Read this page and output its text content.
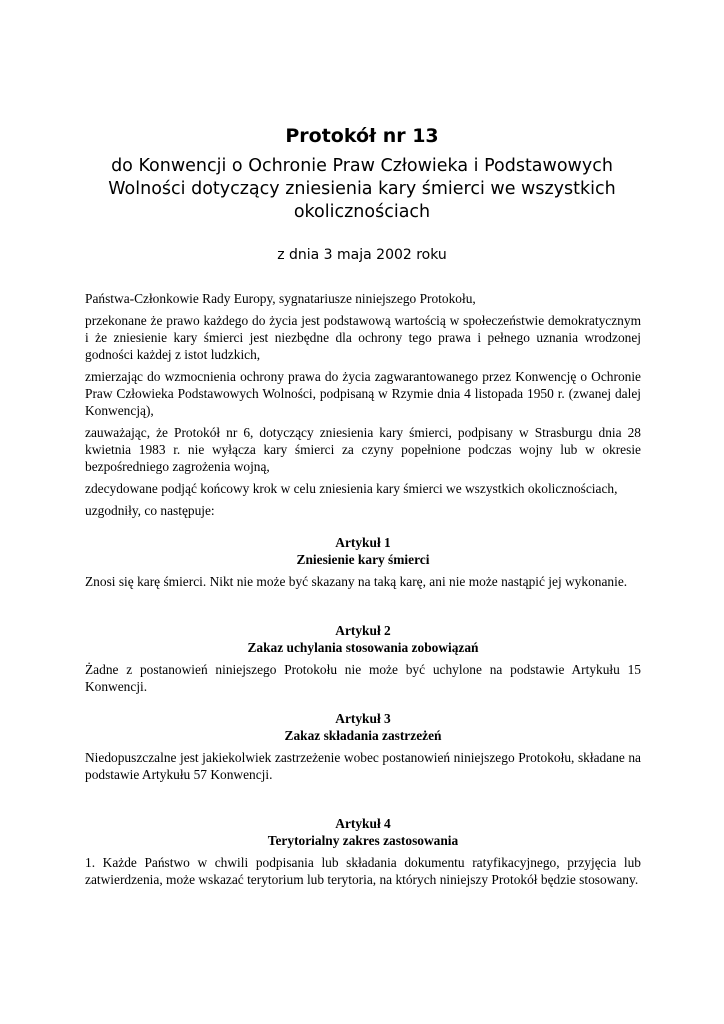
Protokół nr 13
do Konwencji o Ochronie Praw Człowieka i Podstawowych Wolności dotyczący zniesienia kary śmierci we wszystkich okolicznościach
z dnia 3 maja 2002 roku

Państwa-Członkowie Rady Europy, sygnatariusze niniejszego Protokołu,

przekonane że prawo każdego do życia jest podstawową wartością w społeczeństwie demokratycznym i że zniesienie kary śmierci jest niezbędne dla ochrony tego prawa i pełnego uznania wrodzonej godności każdej z istot ludzkich,

zmierzając do wzmocnienia ochrony prawa do życia zagwarantowanego przez Konwencję o Ochronie Praw Człowieka Podstawowych Wolności, podpisaną w Rzymie dnia 4 listopada 1950 r. (zwanej dalej Konwencją),

zauważając, że Protokół nr 6, dotyczący zniesienia kary śmierci, podpisany w Strasburgu dnia 28 kwietnia 1983 r. nie wyłącza kary śmierci za czyny popełnione podczas wojny lub w okresie bezpośredniego zagrożenia wojną,

zdecydowane podjąć końcowy krok w celu zniesienia kary śmierci we wszystkich okolicznościach,

uzgodniły, co następuje:

Artykuł 1

Zniesienie kary śmierci

Znosi się karę śmierci. Nikt nie może być skazany na taką karę, ani nie może nastąpić jej wykonanie.

Artykuł 2

Zakaz uchylania stosowania zobowiązań

Żadne z postanowień niniejszego Protokołu nie może być uchylone na podstawie Artykułu 15 Konwencji.

Artykuł 3

Zakaz składania zastrzeżeń

Niedopuszczalne jest jakiekolwiek zastrzeżenie wobec postanowień niniejszego Protokołu, składane na podstawie Artykułu 57 Konwencji.

Artykuł 4

Terytorialny zakres zastosowania

1. Każde Państwo w chwili podpisania lub składania dokumentu ratyfikacyjnego, przyjęcia lub zatwierdzenia, może wskazać terytorium lub terytoria, na których niniejszy Protokół będzie stosowany.
